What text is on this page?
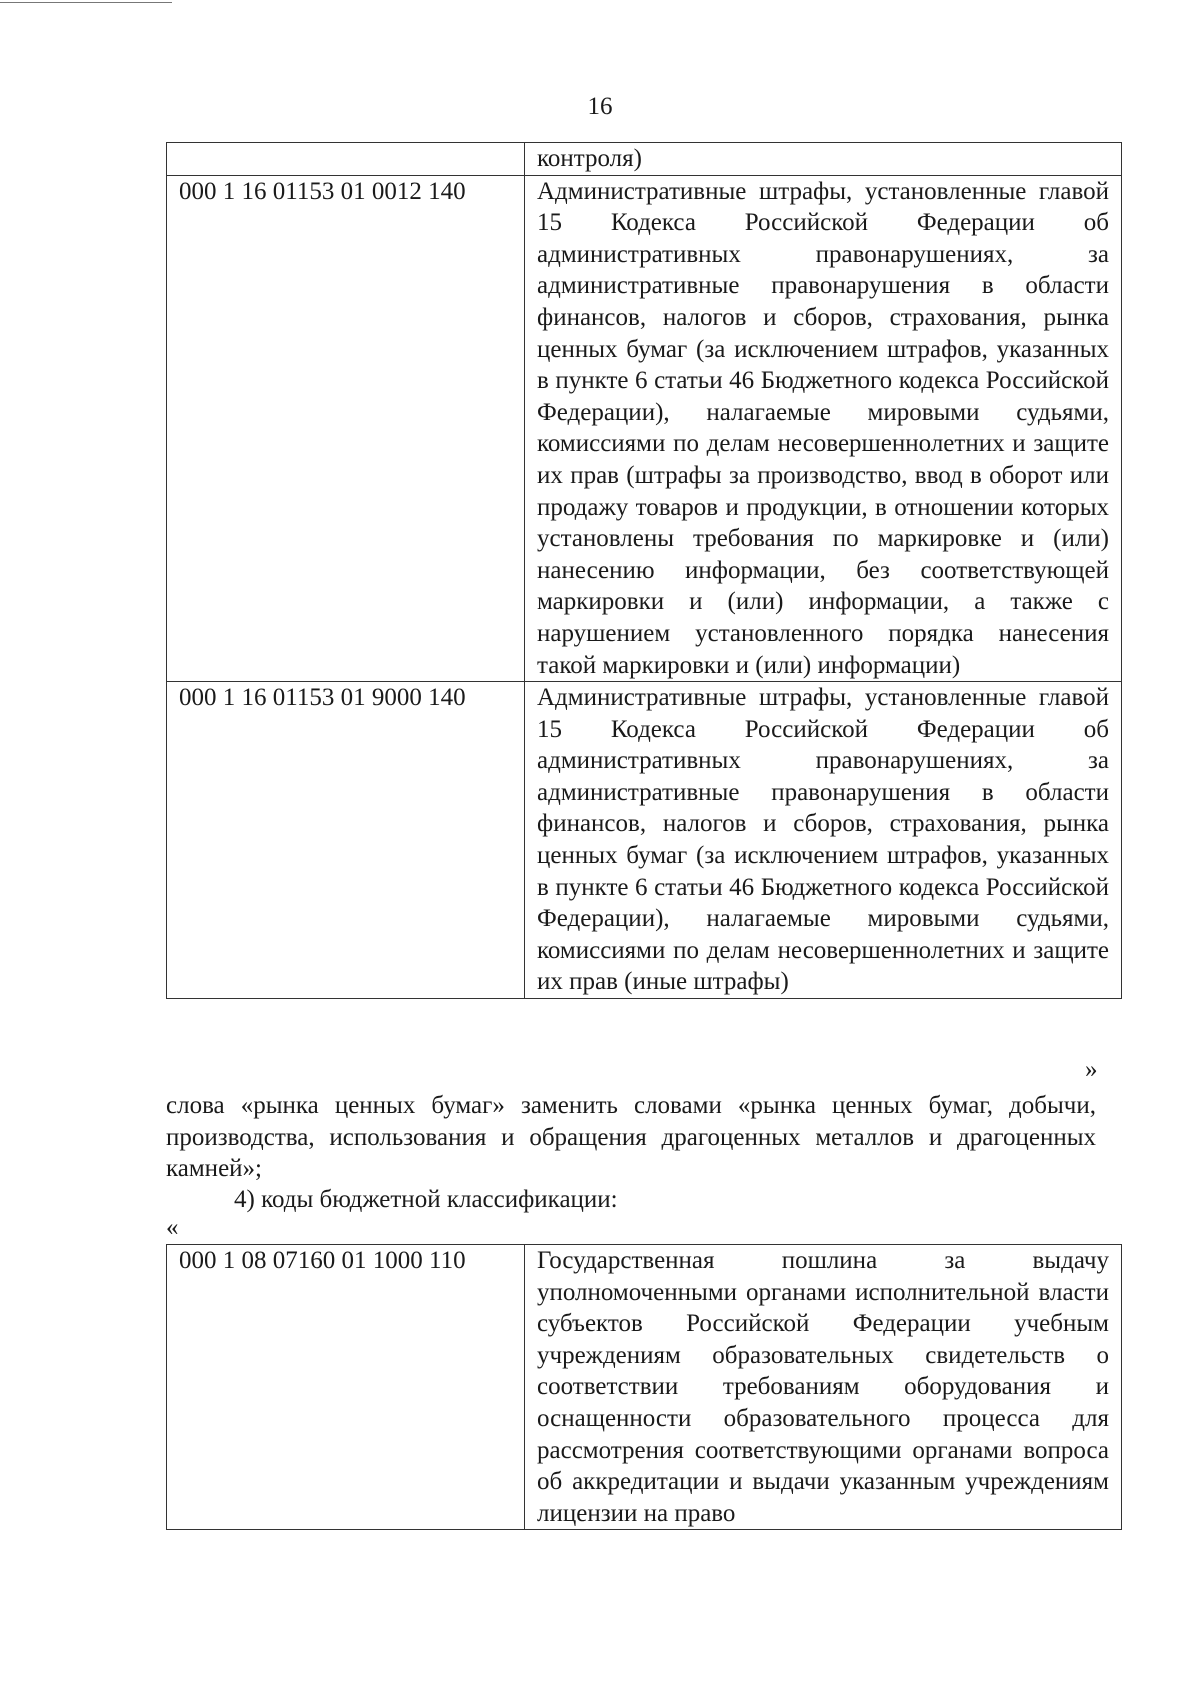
16
	контроля)
000 1 16 01153 01 0012 140	Административные штрафы, установленные главой 15 Кодекса Российской Федерации об административных правонарушениях, за административные правонарушения в области финансов, налогов и сборов, страхования, рынка ценных бумаг (за исключением штрафов, указанных в пункте 6 статьи 46 Бюджетного кодекса Российской Федерации), налагаемые мировыми судьями, комиссиями по делам несовершеннолетних и защите их прав (штрафы за производство, ввод в оборот или продажу товаров и продукции, в отношении которых установлены требования по маркировке и (или) нанесению информации, без соответствующей маркировки и (или) информации, а также с нарушением установленного порядка нанесения такой маркировки и (или) информации)
000 1 16 01153 01 9000 140	Административные штрафы, установленные главой 15 Кодекса Российской Федерации об административных правонарушениях, за административные правонарушения в области финансов, налогов и сборов, страхования, рынка ценных бумаг (за исключением штрафов, указанных в пункте 6 статьи 46 Бюджетного кодекса Российской Федерации), налагаемые мировыми судьями, комиссиями по делам несовершеннолетних и защите их прав (иные штрафы)
»

слова «рынка ценных бумаг» заменить словами «рынка ценных бумаг, добычи, производства, использования и обращения драгоценных металлов и драгоценных камней»;

4) коды бюджетной классификации:
«
000 1 08 07160 01 1000 110	Государственная пошлина за выдачу уполномоченными органами исполнительной власти субъектов Российской Федерации учебным учреждениям образовательных свидетельств о соответствии требованиям оборудования и оснащенности образовательного процесса для рассмотрения соответствующими органами вопроса об аккредитации и выдачи указанным учреждениям лицензии на право
